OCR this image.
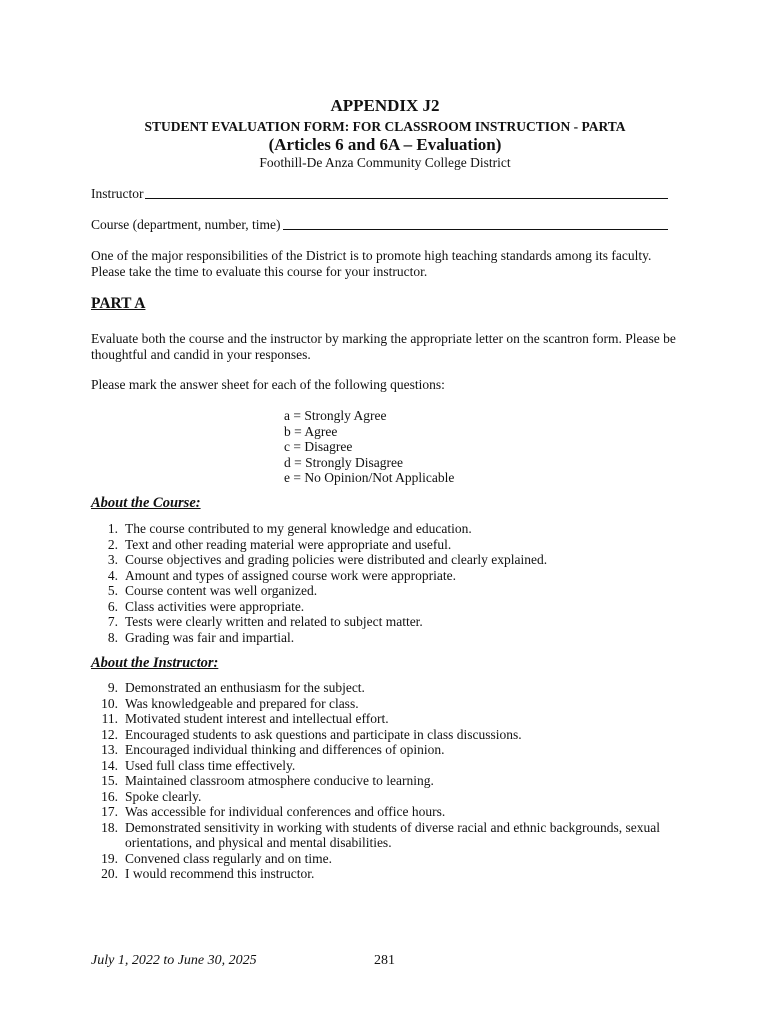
APPENDIX J2
STUDENT EVALUATION FORM: FOR CLASSROOM INSTRUCTION - PARTA
(Articles 6 and 6A – Evaluation)
Foothill-De Anza Community College District
Instructor
Course (department, number, time)
One of the major responsibilities of the District is to promote high teaching standards among its faculty. Please take the time to evaluate this course for your instructor.
PART A
Evaluate both the course and the instructor by marking the appropriate letter on the scantron form. Please be thoughtful and candid in your responses.
Please mark the answer sheet for each of the following questions:
a = Strongly Agree
b = Agree
c = Disagree
d = Strongly Disagree
e = No Opinion/Not Applicable
About the Course:
1. The course contributed to my general knowledge and education.
2. Text and other reading material were appropriate and useful.
3. Course objectives and grading policies were distributed and clearly explained.
4. Amount and types of assigned course work were appropriate.
5. Course content was well organized.
6. Class activities were appropriate.
7. Tests were clearly written and related to subject matter.
8. Grading was fair and impartial.
About the Instructor:
9. Demonstrated an enthusiasm for the subject.
10. Was knowledgeable and prepared for class.
11. Motivated student interest and intellectual effort.
12. Encouraged students to ask questions and participate in class discussions.
13. Encouraged individual thinking and differences of opinion.
14. Used full class time effectively.
15. Maintained classroom atmosphere conducive to learning.
16. Spoke clearly.
17. Was accessible for individual conferences and office hours.
18. Demonstrated sensitivity in working with students of diverse racial and ethnic backgrounds, sexual orientations, and physical and mental disabilities.
19. Convened class regularly and on time.
20. I would recommend this instructor.
July 1, 2022 to June 30, 2025	281
